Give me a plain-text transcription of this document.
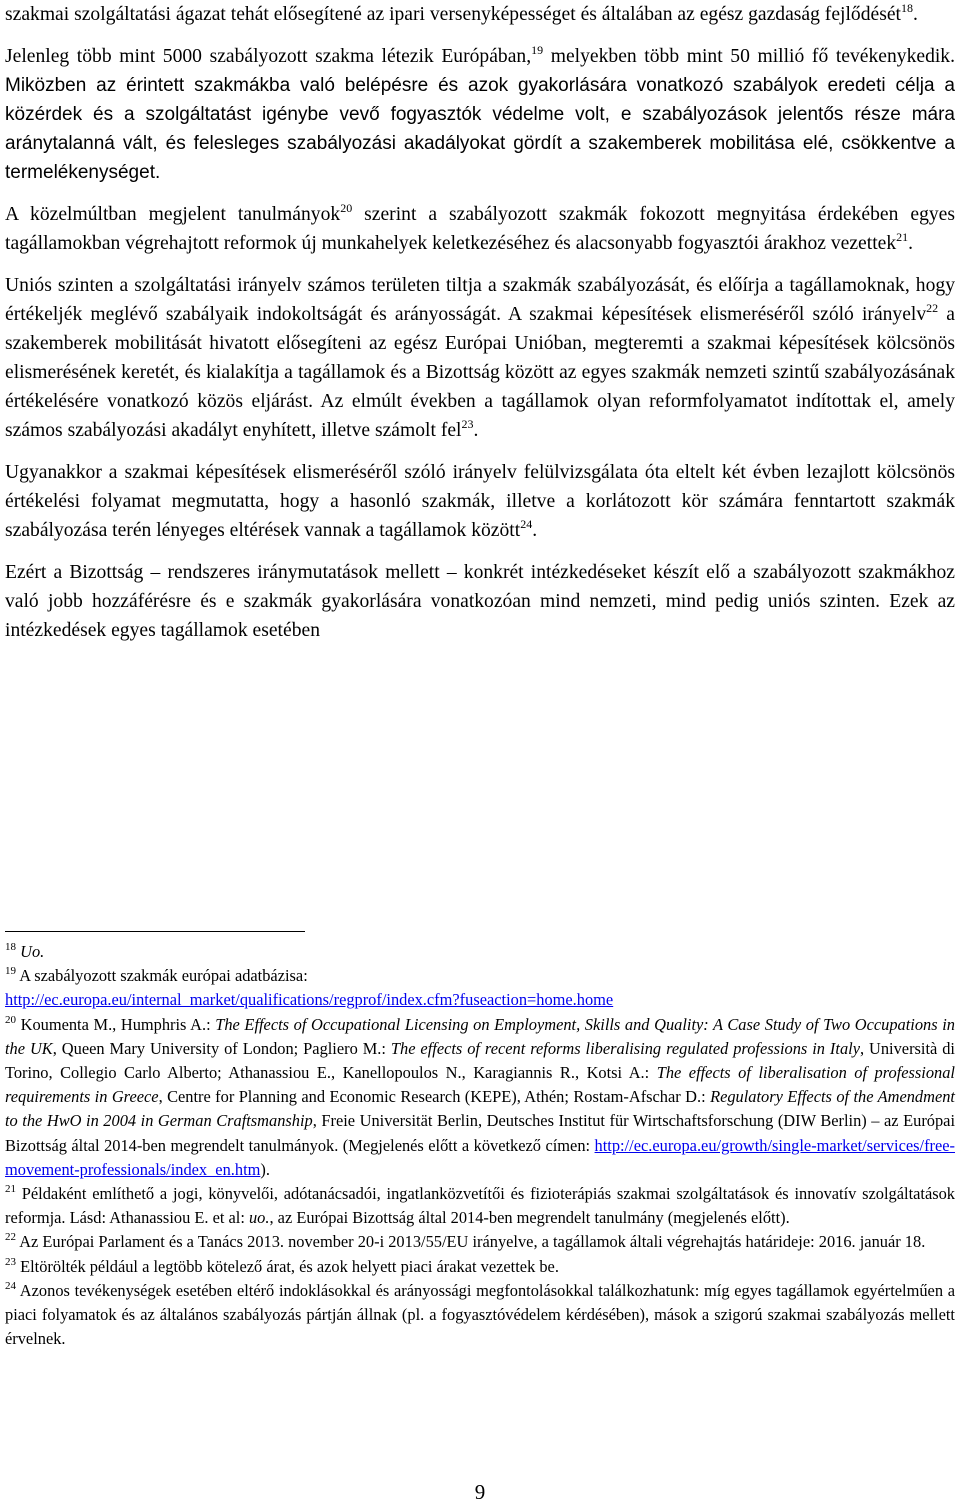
szakmai szolgáltatási ágazat tehát elősegítené az ipari versenyképességet és általában az egész gazdaság fejlődését$^{18}$.

Jelenleg több mint 5000 szabályozott szakma létezik Európában,$^{19}$ melyekben több mint 50 millió fő tevékenykedik. Miközben az érintett szakmákba való belépésre és azok gyakorlására vonatkozó szabályok eredeti célja a közérdek és a szolgáltatást igénybe vevő fogyasztók védelme volt, e szabályozások jelentős része mára aránytalanná vált, és felesleges szabályozási akadályokat gördít a szakemberek mobilitása elé, csökkentve a termelékenységet.

A közelmúltban megjelent tanulmányok$^{20}$ szerint a szabályozott szakmák fokozott megnyitása érdekében egyes tagállamokban végrehajtott reformok új munkahelyek keletkezéséhez és alacsonyabb fogyasztói árakhoz vezettek$^{21}$.

Uniós szinten a szolgáltatási irányelv számos területen tiltja a szakmák szabályozását, és előírja a tagállamoknak, hogy értékeljék meglévő szabályaik indokoltságát és arányosságát. A szakmai képesítések elismeréséről szóló irányelv$^{22}$ a szakemberek mobilitását hivatott elősegíteni az egész Európai Unióban, megteremti a szakmai képesítések kölcsönös elismerésének keretét, és kialakítja a tagállamok és a Bizottság között az egyes szakmák nemzeti szintű szabályozásának értékelésére vonatkozó közös eljárást. Az elmúlt években a tagállamok olyan reformfolyamatot indítottak el, amely számos szabályozási akadályt enyhített, illetve számolt fel$^{23}$.

Ugyanakkor a szakmai képesítések elismeréséről szóló irányelv felülvizsgálata óta eltelt két évben lezajlott kölcsönös értékelési folyamat megmutatta, hogy a hasonló szakmák, illetve a korlátozott kör számára fenntartott szakmák szabályozása terén lényeges eltérések vannak a tagállamok között$^{24}$.

Ezért a Bizottság – rendszeres iránymutatások mellett – konkrét intézkedéseket készít elő a szabályozott szakmákhoz való jobb hozzáférésre és e szakmák gyakorlására vonatkozóan mind nemzeti, mind pedig uniós szinten. Ezek az intézkedések egyes tagállamok esetében

$^{18}$ Uo.

$^{19}$ A szabályozott szakmák európai adatbázisa:
http://ec.europa.eu/internal_market/qualifications/regprof/index.cfm?fuseaction=home.home

$^{20}$ Koumenta M., Humphris A.: The Effects of Occupational Licensing on Employment, Skills and Quality: A Case Study of Two Occupations in the UK, Queen Mary University of London; Pagliero M.: The effects of recent reforms liberalising regulated professions in Italy, Università di Torino, Collegio Carlo Alberto; Athanassiou E., Kanellopoulos N., Karagiannis R., Kotsi A.: The effects of liberalisation of professional requirements in Greece, Centre for Planning and Economic Research (KEPE), Athén; Rostam-Afschar D.: Regulatory Effects of the Amendment to the HwO in 2004 in German Craftsmanship, Freie Universität Berlin, Deutsches Institut für Wirtschaftsforschung (DIW Berlin) – az Európai Bizottság által 2014-ben megrendelt tanulmányok. (Megjelenés előtt a következő címen: http://ec.europa.eu/growth/single-market/services/free-movement-professionals/index_en.htm).

$^{21}$ Példaként említhető a jogi, könyvelői, adótanácsadói, ingatlanközvetítői és fizioterápiás szakmai szolgáltatások és innovatív szolgáltatások reformja. Lásd: Athanassiou E. et al: uo., az Európai Bizottság által 2014-ben megrendelt tanulmány (megjelenés előtt).

$^{22}$ Az Európai Parlament és a Tanács 2013. november 20-i 2013/55/EU irányelve, a tagállamok általi végrehajtás határideje: 2016. január 18.

$^{23}$ Eltörölték például a legtöbb kötelező árat, és azok helyett piaci árakat vezettek be.

$^{24}$ Azonos tevékenységek esetében eltérő indoklásokkal és arányossági megfontolásokkal találkozhatunk: míg egyes tagállamok egyértelműen a piaci folyamatok és az általános szabályozás pártján állnak (pl. a fogyasztóvédelem kérdésében), mások a szigorú szakmai szabályozás mellett érvelnek.

9
